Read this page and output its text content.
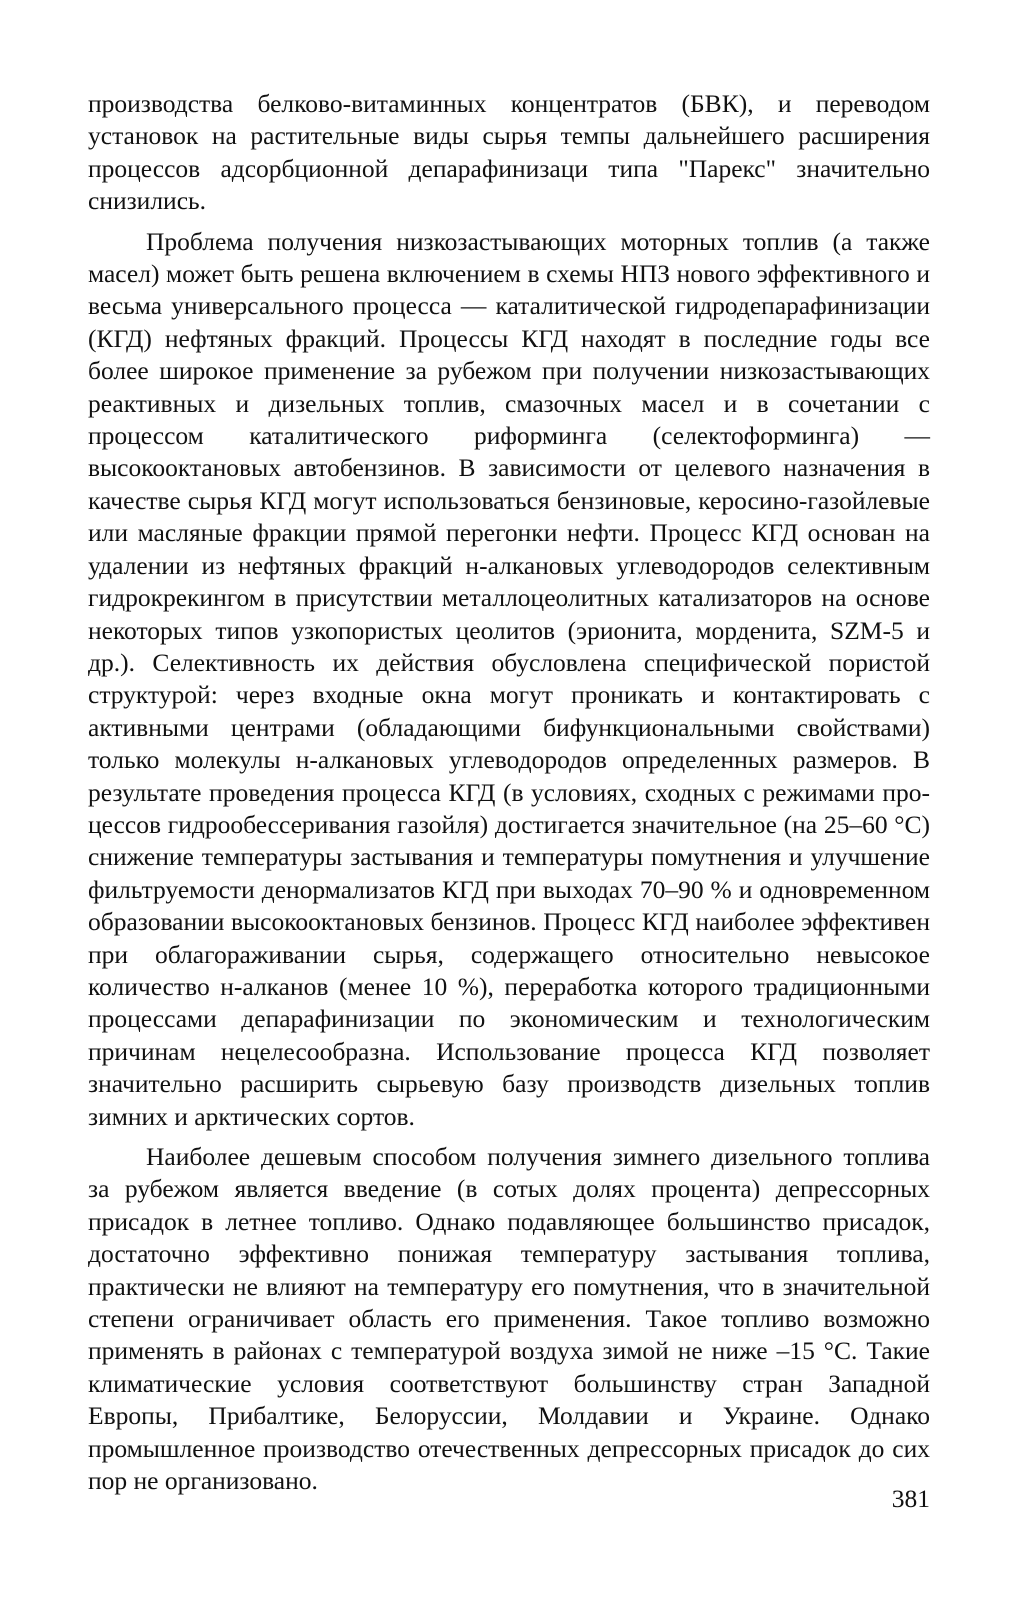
производства белково-витаминных концентратов (БВК), и переводом установок на растительные виды сырья темпы дальнейшего расширения процессов адсорбционной депарафинизаци типа "Парекс" значительно снизились.

Проблема получения низкозастывающих моторных топлив (а также масел) может быть решена включением в схемы НПЗ нового эффективного и весьма универсального процесса — каталитической гидродепарафинизации (КГД) нефтяных фракций. Процессы КГД находят в последние годы все более широкое применение за рубежом при получении низкозастывающих реактивных и дизельных топлив, смазочных масел и в сочетании с процессом каталитического риформинга (селектоформинга) — высокооктановых автобензинов. В зависимости от целевого назначения в качестве сырья КГД могут использоваться бензиновые, керосино-газойлевые или масляные фракции прямой перегонки нефти. Процесс КГД основан на удалении из нефтяных фракций н-алкановых углеводородов селективным гидрокрекингом в присутствии металлоцеолитных катализаторов на основе некоторых типов узкопористых цеолитов (эрионита, морденита, SZM-5 и др.). Селективность их действия обусловлена специфической пористой структурой: через входные окна могут проникать и контактировать с активными центрами (обладающими бифункциональными свойствами) только молекулы н-алкановых углеводородов определенных размеров. В результате проведения процесса КГД (в условиях, сходных с режимами процессов гидрообессеривания газойля) достигается значительное (на 25–60 °С) снижение температуры застывания и температуры помутнения и улучшение фильтруемости денормализатов КГД при выходах 70–90 % и одновременном образовании высокооктановых бензинов. Процесс КГД наиболее эффективен при облагораживании сырья, содержащего относительно невысокое количество н-алканов (менее 10 %), переработка которого традиционными процессами депарафинизации по экономическим и технологическим причинам нецелесообразна. Использование процесса КГД позволяет значительно расширить сырьевую базу производств дизельных топлив зимних и арктических сортов.

Наиболее дешевым способом получения зимнего дизельного топлива за рубежом является введение (в сотых долях процента) депрессорных присадок в летнее топливо. Однако подавляющее большинство присадок, достаточно эффективно понижая температуру застывания топлива, практически не влияют на температуру его помутнения, что в значительной степени ограничивает область его применения. Такое топливо возможно применять в районах с температурой воздуха зимой не ниже –15 °С. Такие климатические условия соответствуют большинству стран Западной Европы, Прибалтике, Белоруссии, Молдавии и Украине. Однако промышленное производство отечественных депрессорных присадок до сих пор не организовано.

381
